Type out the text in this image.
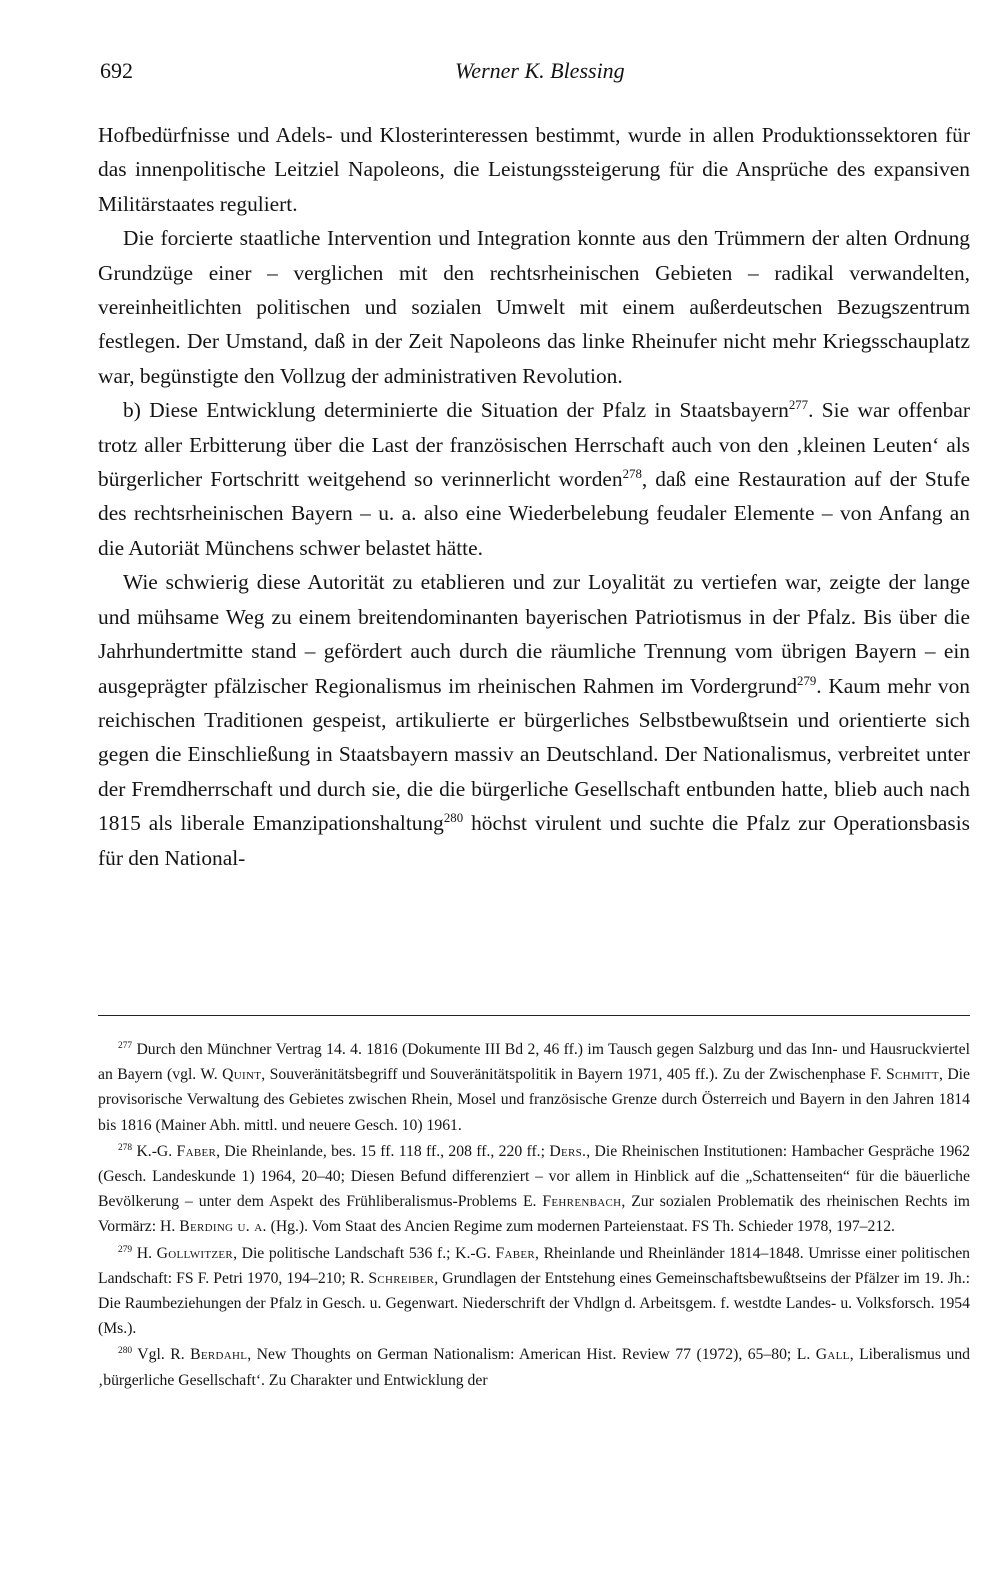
692	Werner K. Blessing

Hofbedürfnisse und Adels- und Klosterinteressen bestimmt, wurde in allen Produktionssektoren für das innenpolitische Leitziel Napoleons, die Leistungssteigerung für die Ansprüche des expansiven Militärstaates reguliert.

Die forcierte staatliche Intervention und Integration konnte aus den Trümmern der alten Ordnung Grundzüge einer – verglichen mit den rechtsrheinischen Gebieten – radikal verwandelten, vereinheitlichten politischen und sozialen Umwelt mit einem außerdeutschen Bezugszentrum festlegen. Der Umstand, daß in der Zeit Napoleons das linke Rheinufer nicht mehr Kriegsschauplatz war, begünstigte den Vollzug der administrativen Revolution.

b) Diese Entwicklung determinierte die Situation der Pfalz in Staatsbayern$^{277}$. Sie war offenbar trotz aller Erbitterung über die Last der französischen Herrschaft auch von den ‚kleinen Leuten‘ als bürgerlicher Fortschritt weitgehend so verinnerlicht worden$^{278}$, daß eine Restauration auf der Stufe des rechtsrheinischen Bayern – u. a. also eine Wiederbelebung feudaler Elemente – von Anfang an die Autoriät Münchens schwer belastet hätte.

Wie schwierig diese Autorität zu etablieren und zur Loyalität zu vertiefen war, zeigte der lange und mühsame Weg zu einem breitendominanten bayerischen Patriotismus in der Pfalz. Bis über die Jahrhundertmitte stand – gefördert auch durch die räumliche Trennung vom übrigen Bayern – ein ausgeprägter pfälzischer Regionalismus im rheinischen Rahmen im Vordergrund$^{279}$. Kaum mehr von reichischen Traditionen gespeist, artikulierte er bürgerliches Selbstbewußtsein und orientierte sich gegen die Einschließung in Staatsbayern massiv an Deutschland. Der Nationalismus, verbreitet unter der Fremdherrschaft und durch sie, die die bürgerliche Gesellschaft entbunden hatte, blieb auch nach 1815 als liberale Emanzipationshaltung$^{280}$ höchst virulent und suchte die Pfalz zur Operationsbasis für den National-

$^{277}$ Durch den Münchner Vertrag 14. 4. 1816 (Dokumente III Bd 2, 46 ff.) im Tausch gegen Salzburg und das Inn- und Hausruckviertel an Bayern (vgl. W. Quint, Souveränitätsbegriff und Souveränitätspolitik in Bayern 1971, 405 ff.). Zu der Zwischenphase F. Schmitt, Die provisorische Verwaltung des Gebietes zwischen Rhein, Mosel und französische Grenze durch Österreich und Bayern in den Jahren 1814 bis 1816 (Mainer Abh. mittl. und neuere Gesch. 10) 1961.

$^{278}$ K.-G. Faber, Die Rheinlande, bes. 15 ff. 118 ff., 208 ff., 220 ff.; Ders., Die Rheinischen Institutionen: Hambacher Gespräche 1962 (Gesch. Landeskunde 1) 1964, 20–40; Diesen Befund differenziert – vor allem in Hinblick auf die „Schattenseiten“ für die bäuerliche Bevölkerung – unter dem Aspekt des Frühliberalismus-Problems E. Fehrenbach, Zur sozialen Problematik des rheinischen Rechts im Vormärz: H. Berding u. a. (Hg.). Vom Staat des Ancien Regime zum modernen Parteienstaat. FS Th. Schieder 1978, 197–212.

$^{279}$ H. Gollwitzer, Die politische Landschaft 536 f.; K.-G. Faber, Rheinlande und Rheinländer 1814–1848. Umrisse einer politischen Landschaft: FS F. Petri 1970, 194–210; R. Schreiber, Grundlagen der Entstehung eines Gemeinschaftsbewußtseins der Pfälzer im 19. Jh.: Die Raumbeziehungen der Pfalz in Gesch. u. Gegenwart. Niederschrift der Vhdlgn d. Arbeitsgem. f. westdte Landes- u. Volksforsch. 1954 (Ms.).

$^{280}$ Vgl. R. Berdahl, New Thoughts on German Nationalism: American Hist. Review 77 (1972), 65–80; L. Gall, Liberalismus und ‚bürgerliche Gesellschaft‘. Zu Charakter und Entwicklung der
